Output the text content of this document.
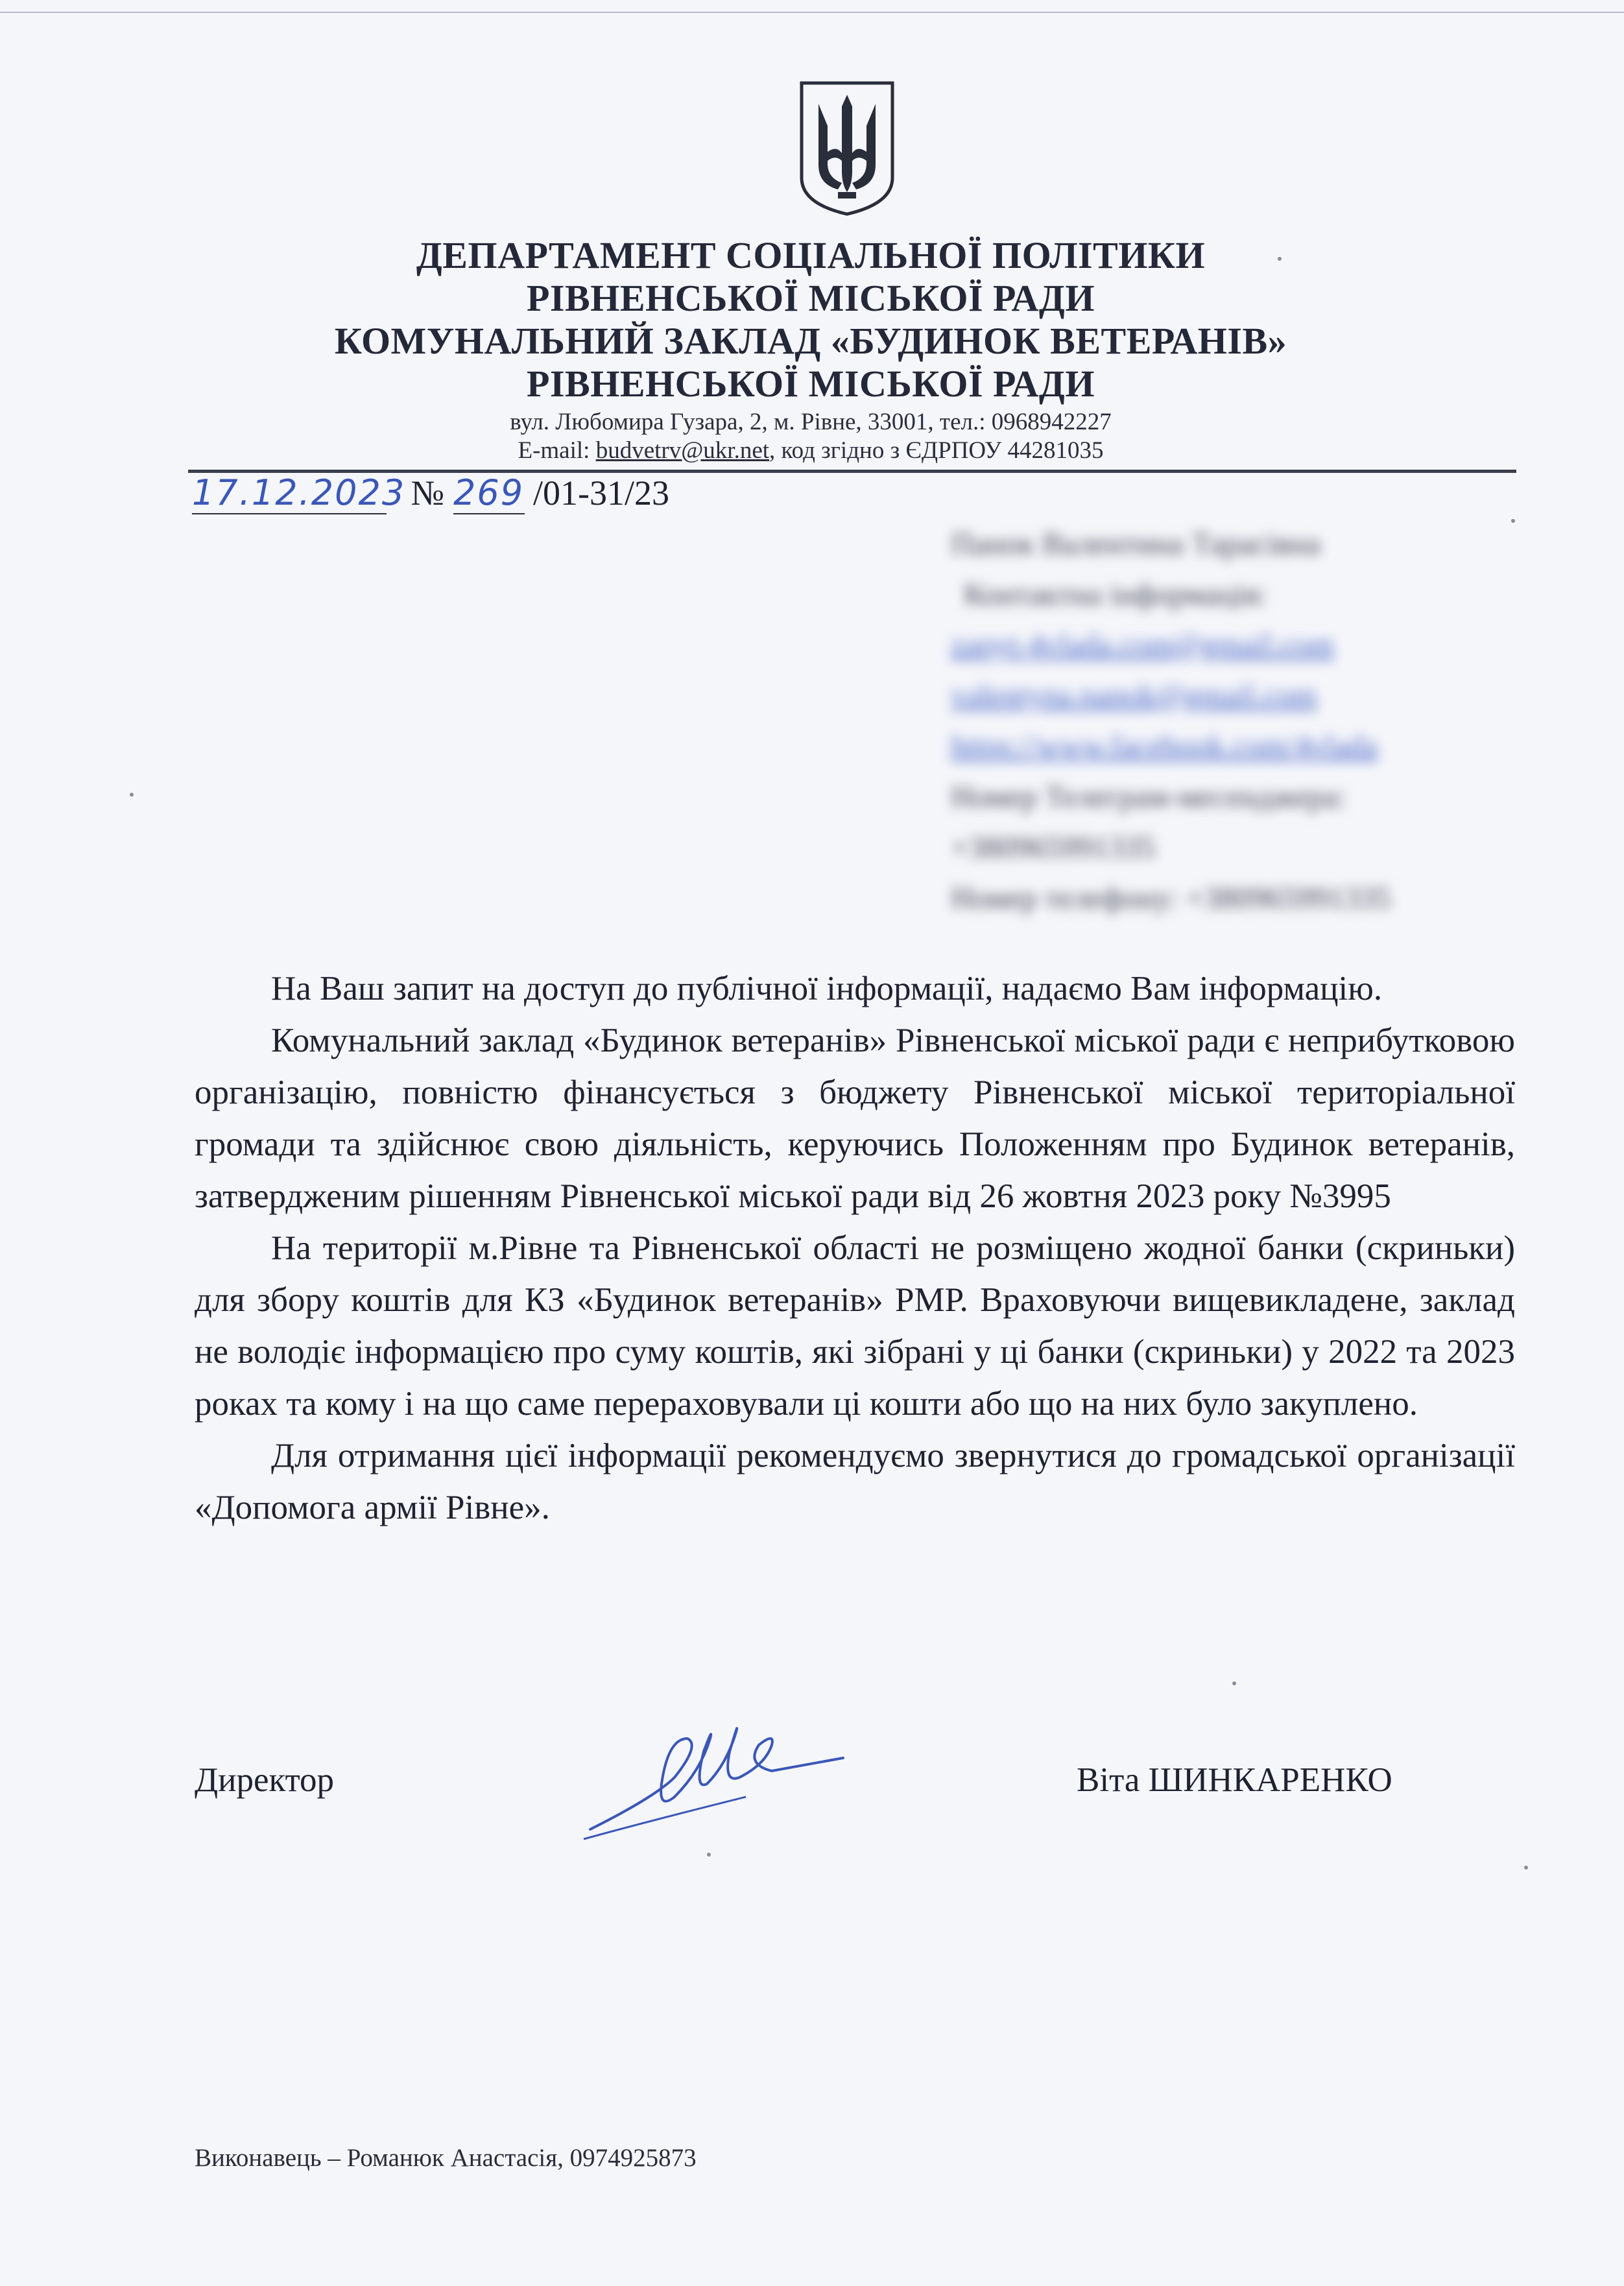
ДЕПАРТАМЕНТ СОЦІАЛЬНОЇ ПОЛІТИКИ
РІВНЕНСЬКОЇ МІСЬКОЇ РАДИ
КОМУНАЛЬНИЙ ЗАКЛАД «БУДИНОК ВЕТЕРАНІВ»
РІВНЕНСЬКОЇ МІСЬКОЇ РАДИ
вул. Любомира Гузара, 2, м. Рівне, 33001, тел.: 0968942227
E-mail: budvetrv@ukr.net, код згідно з ЄДРПОУ 44281035
17.12.2023 № 269 /01-31/23
Панок Валентина Тарасівна
Контактна інформація:
zapyt-4vlada.com@gmail.com
valentyna.panok@gmail.com
https://www.facebook.com/4vlada
Номер Телеграм-месенджера:
+380965991335
Номер телефону: +380965991335

На Ваш запит на доступ до публічної інформації, надаємо Вам інформацію.

Комунальний заклад «Будинок ветеранів» Рівненської міської ради є неприбутковою організацію, повністю фінансується з бюджету Рівненської міської територіальної громади та здійснює свою діяльність, керуючись Положенням про Будинок ветеранів, затвердженим рішенням Рівненської міської ради від 26 жовтня 2023 року №3995

На території м.Рівне та Рівненської області не розміщено жодної банки (скриньки) для збору коштів для КЗ «Будинок ветеранів» РМР. Враховуючи вищевикладене, заклад не володіє інформацією про суму коштів, які зібрані у ці банки (скриньки) у 2022 та 2023 роках та кому і на що саме перераховували ці кошти або що на них було закуплено.

Для отримання цієї інформації рекомендуємо звернутися до громадської організації «Допомога армії Рівне».

Директор	Віта ШИНКАРЕНКО
Виконавець – Романюк Анастасія, 0974925873
